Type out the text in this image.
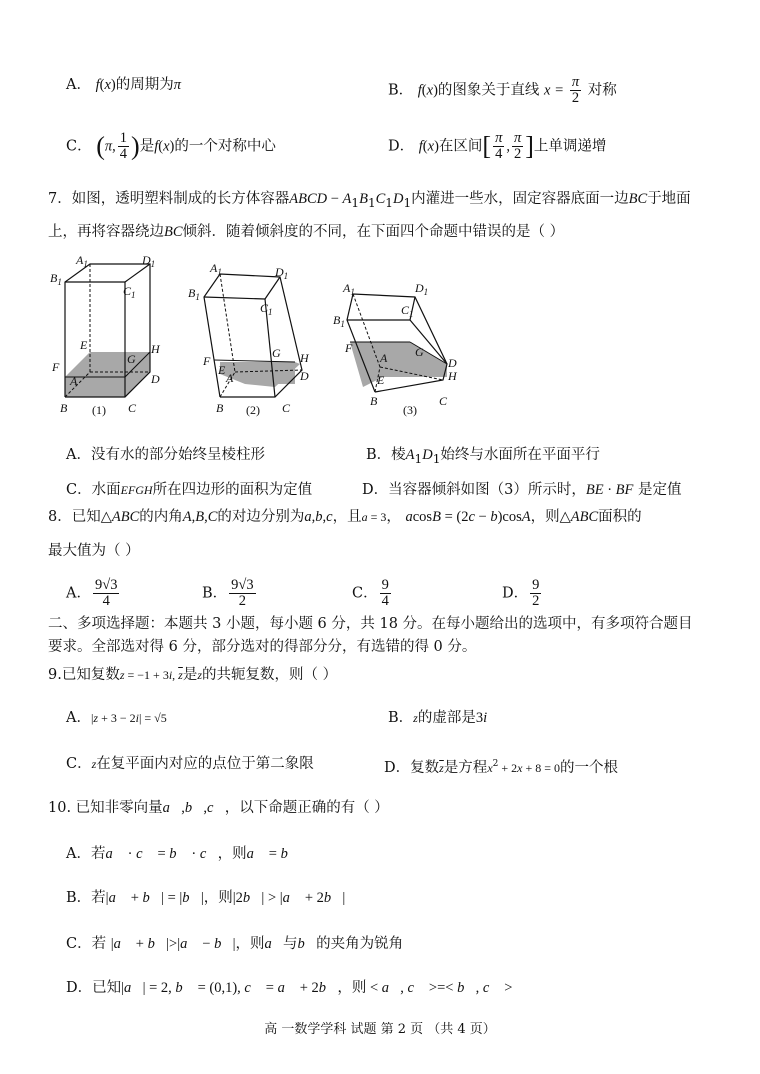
A． f(x)的周期为π	B． f(x)的图象关于直线 $x = \frac{\pi}{2}$ 对称
C． (π, $\frac{1}{4}$ )是f(x)的一个对称中心	D． f(x)在区间[ $\frac{\pi}{4}$ , $\frac{\pi}{2}$ ]上单调递增
7．如图，透明塑料制成的长方体容器ABCD − $A_1B_1C_1D_1$内灌进一些水，固定容器底面一边BC于地面
上，再将容器绕边BC倾斜．随着倾斜度的不同，在下面四个命题中错误的是（ ）
$A_1$	$D_1$
$B_1$
$C_1$
F
E
G
H
A	D
B	C
(1)
$A_1$	$D_1$
$B_1$
$C_1$
F
E
A
G H
D
B	C
(2)
$A_1$	$D_1$
$B_1$
$C_1$
F
A G
E
D
H
B	C
(3)
A．没有水的部分始终呈棱柱形	B．棱$A_1D_1$始终与水面所在平面平行
C．水面EFGH所在四边形的面积为定值	D．当容器倾斜如图（3）所示时，BE · BF 是定值
8．已知△ABC的内角A,B,C的对边分别为a,b,c，且a = 3， acosB = (2c − b)cosA，则△ABC面积的
最大值为（ ）
A． $\frac{9√3}{4}$	B． $\frac{9√3}{2}$	C． $\frac{9}{4}$	D． $\frac{9}{2}$
二、多项选择题：本题共 3 小题，每小题 6 分，共 18 分。在每小题给出的选项中，有多项符合题目
要求。全部选对得 6 分，部分选对的得部分分，有选错的得 0 分。
9.已知复数z = −1 + 3i, $\overline{z}$是z的共轭复数，则（ ）
A．|z + 3 − 2i| = √5	B．z的虚部是3i
C．z在复平面内对应的点位于第二象限	D．复数$\overline{z}$是方程$x^2 + 2x + 8 = 0$的一个根
10. 已知非零向量a⃗,b⃗,c⃗，以下命题正确的有（ ）
A．若a⃗ · c⃗ = b⃗ · c⃗，则a⃗ = b⃗
B．若|a⃗ + b⃗| = |b⃗|，则|2b⃗| > |a⃗ + 2b⃗|
C．若 |a⃗ + b⃗|>|a⃗ − b⃗|，则a⃗与b⃗的夹角为锐角
D．已知|a⃗| = 2, b⃗ = (0,1), c⃗ = a⃗ + 2b⃗，则 < a⃗, c⃗ >=< b⃗, c⃗ >
高 一数学学科 试题 第 2 页 （共 4 页）
